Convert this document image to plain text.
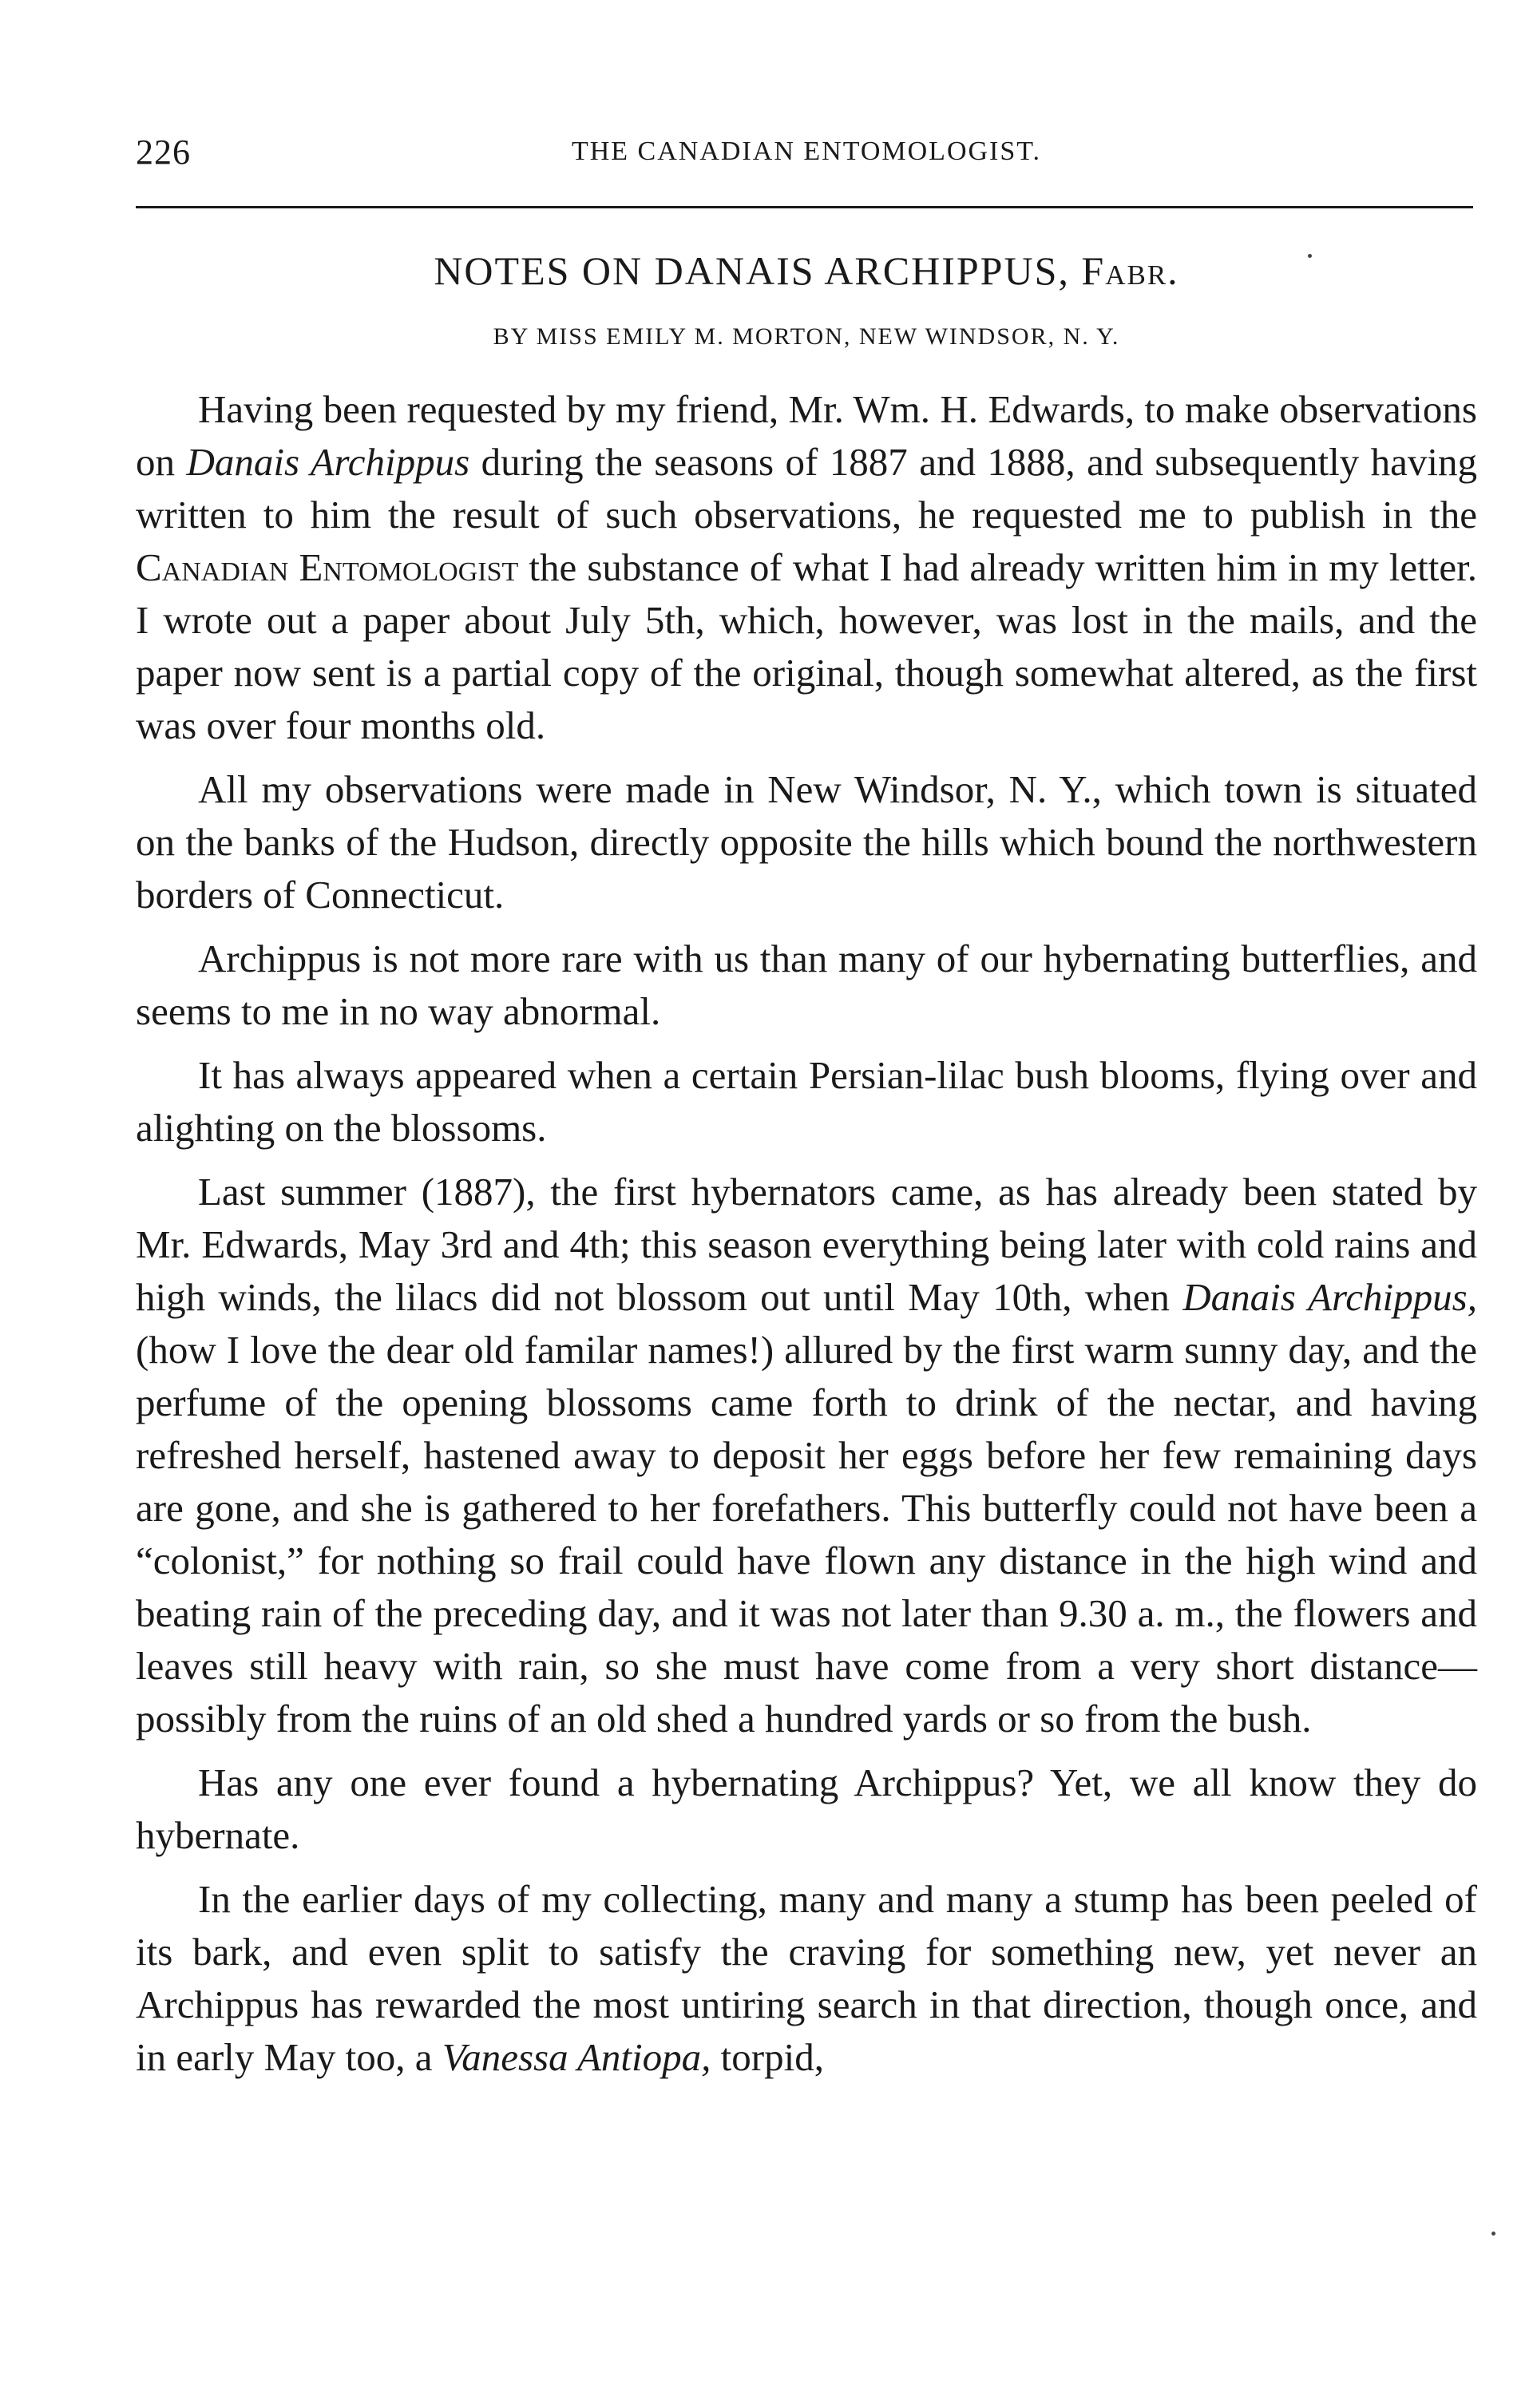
226	THE CANADIAN ENTOMOLOGIST.
NOTES ON DANAIS ARCHIPPUS, Fabr.
BY MISS EMILY M. MORTON, NEW WINDSOR, N. Y.

Having been requested by my friend, Mr. Wm. H. Edwards, to make observations on Danais Archippus during the seasons of 1887 and 1888, and subsequently having written to him the result of such observations, he requested me to publish in the Canadian Entomologist the substance of what I had already written him in my letter. I wrote out a paper about July 5th, which, however, was lost in the mails, and the paper now sent is a partial copy of the original, though somewhat altered, as the first was over four months old.

All my observations were made in New Windsor, N. Y., which town is situated on the banks of the Hudson, directly opposite the hills which bound the northwestern borders of Connecticut.

Archippus is not more rare with us than many of our hybernating butterflies, and seems to me in no way abnormal.

It has always appeared when a certain Persian-lilac bush blooms, flying over and alighting on the blossoms.

Last summer (1887), the first hybernators came, as has already been stated by Mr. Edwards, May 3rd and 4th; this season everything being later with cold rains and high winds, the lilacs did not blossom out until May 10th, when Danais Archippus, (how I love the dear old familar names!) allured by the first warm sunny day, and the perfume of the opening blossoms came forth to drink of the nectar, and having refreshed herself, hastened away to deposit her eggs before her few remaining days are gone, and she is gathered to her forefathers. This butterfly could not have been a “colonist,” for nothing so frail could have flown any distance in the high wind and beating rain of the preceding day, and it was not later than 9.30 a. m., the flowers and leaves still heavy with rain, so she must have come from a very short distance—possibly from the ruins of an old shed a hundred yards or so from the bush.

Has any one ever found a hybernating Archippus? Yet, we all know they do hybernate.

In the earlier days of my collecting, many and many a stump has been peeled of its bark, and even split to satisfy the craving for something new, yet never an Archippus has rewarded the most untiring search in that direction, though once, and in early May too, a Vanessa Antiopa, torpid,
